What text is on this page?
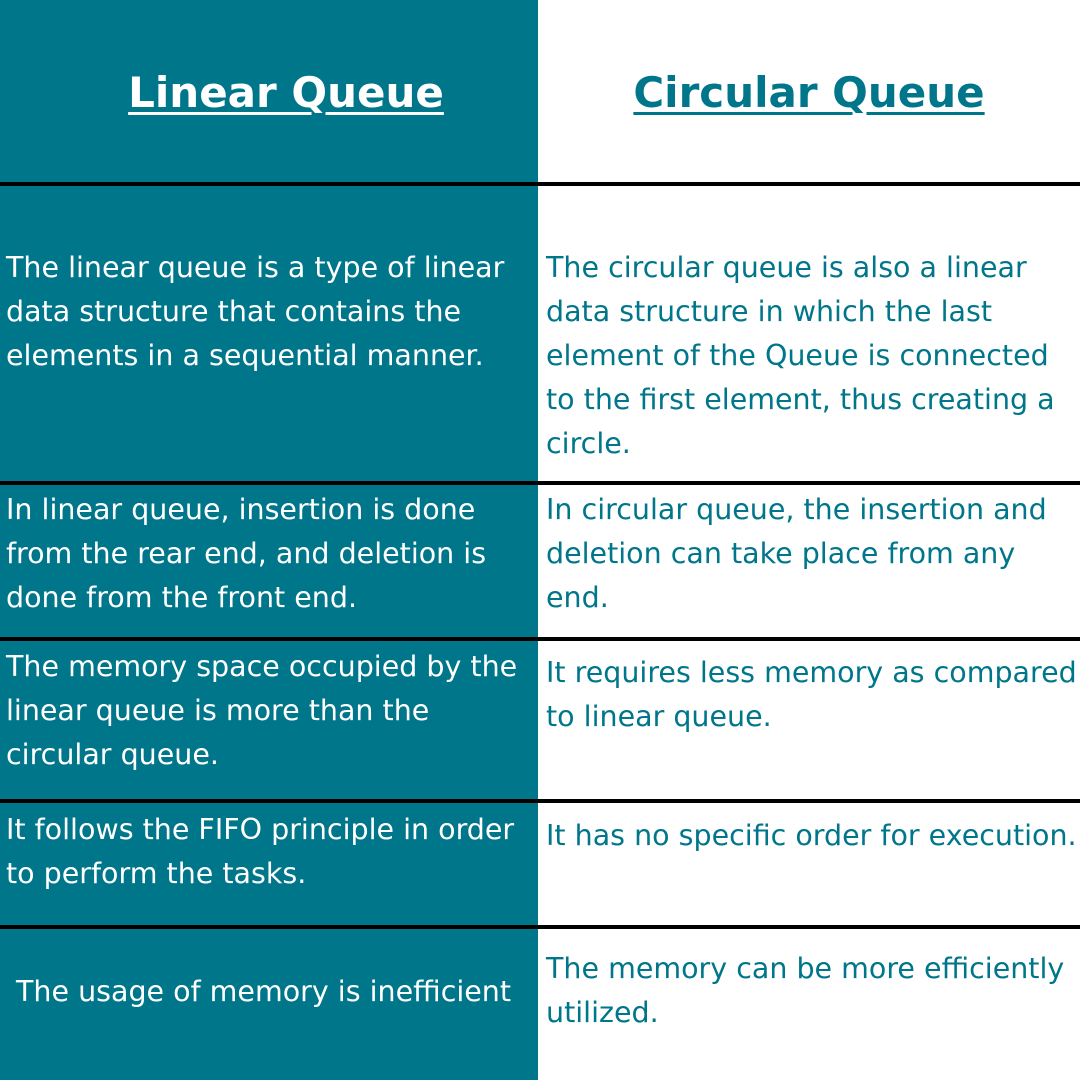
Linear Queue	Circular Queue
The linear queue is a type of linear data structure that contains the elements in a sequential manner.
The circular queue is also a linear data structure in which the last element of the Queue is connected to the first element, thus creating a circle.
In linear queue, insertion is done from the rear end, and deletion is done from the front end.
In circular queue, the insertion and deletion can take place from any end.
The memory space occupied by the linear queue is more than the circular queue.
It requires less memory as compared to linear queue.
It follows the FIFO principle in order to perform the tasks.
It has no specific order for execution.
The usage of memory is inefficient
The memory can be more efficiently utilized.
